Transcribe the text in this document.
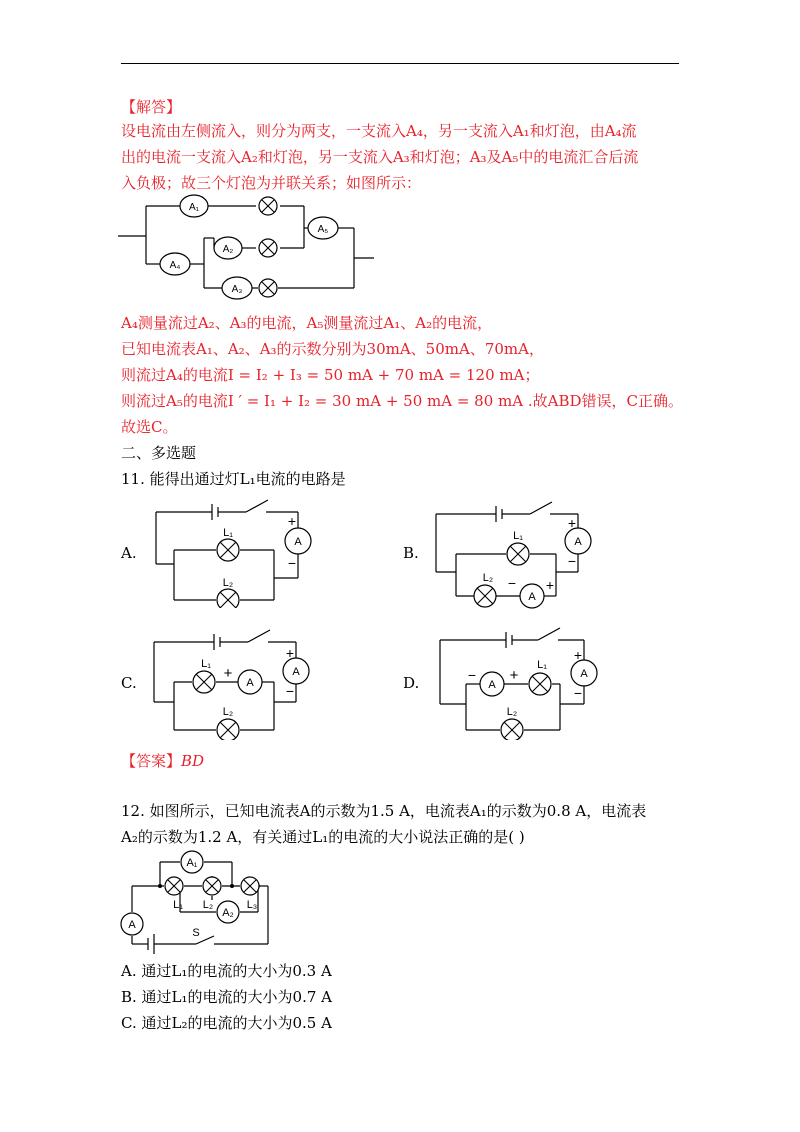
【解答】
设电流由左侧流入，则分为两支，一支流入A₄，另一支流入A₁和灯泡，由A₄流
出的电流一支流入A₂和灯泡，另一支流入A₃和灯泡；A₃及A₅中的电流汇合后流
入负极；故三个灯泡为并联关系；如图所示：
A₁
A₅
A₂
A₄
A₃
A₄测量流过A₂、A₃的电流，A₅测量流过A₁、A₂的电流，
已知电流表A₁、A₂、A₃的示数分别为30mA、50mA、70mA，
则流过A₄的电流I = I₂ + I₃ = 50 mA + 70 mA = 120 mA；
则流过A₅的电流I ′ = I₁ + I₂ = 30 mA + 50 mA = 80 mA .故ABD错误，C正确。
故选C。
二、多选题
11. 能得出通过灯L₁电流的电路是
A.
A
L₁
L₂
+
−
B.
A
A
L₁
L₂
+
−
− +
C.
A
A
L₁
L₂
+
−
+
D.	A
A
L₁
L₂
+
−
− +
【答案】BD
12. 如图所示，已知电流表A的示数为1.5 A，电流表A₁的示数为0.8 A，电流表
A₂的示数为1.2 A，有关通过L₁的电流的大小说法正确的是( )
A₁
A
L₁ L₂
A₂
L₃
S
A. 通过L₁的电流的大小为0.3 A
B. 通过L₁的电流的大小为0.7 A
C. 通过L₂的电流的大小为0.5 A
